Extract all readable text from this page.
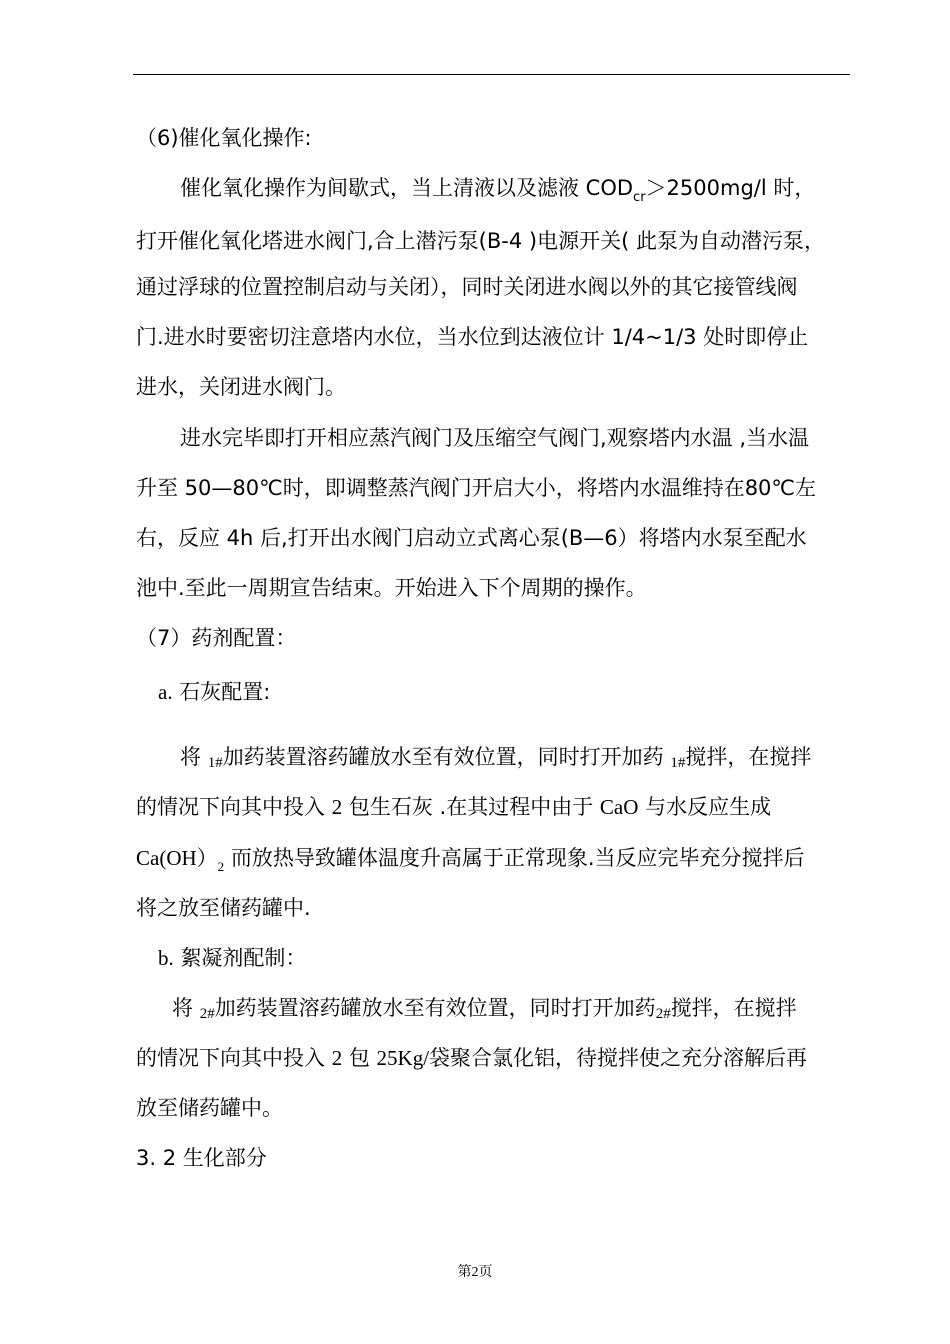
（6)催化氧化操作:
催化氧化操作为间歇式，当上清液以及滤液 $COD_{cr}>2500mg/l$ 时，
打开催化氧化塔进水阀门,合上潜污泵(B-4 )电源开关( 此泵为自动潜污泵，
通过浮球的位置控制启动与关闭），同时关闭进水阀以外的其它接管线阀
门.进水时要密切注意塔内水位，当水位到达液位计 1/4~1/3 处时即停止
进水，关闭进水阀门。
进水完毕即打开相应蒸汽阀门及压缩空气阀门,观察塔内水温 ,当水温
升至 50—80℃时，即调整蒸汽阀门开启大小，将塔内水温维持在80℃左
右，反应 4h 后,打开出水阀门启动立式离心泵(B—6）将塔内水泵至配水
池中.至此一周期宣告结束。开始进入下个周期的操作。
（7）药剂配置：
a. 石灰配置:
将 1#加药装置溶药罐放水至有效位置，同时打开加药 1#搅拌，在搅拌
的情况下向其中投入 2 包生石灰 .在其过程中由于 CaO 与水反应生成
$Ca(OH)_2$ 而放热导致罐体温度升高属于正常现象.当反应完毕充分搅拌后
将之放至储药罐中.
b. 絮凝剂配制：
将 2#加药装置溶药罐放水至有效位置，同时打开加药2#搅拌，在搅拌
的情况下向其中投入 2 包 25Kg/袋聚合氯化铝，待搅拌使之充分溶解后再
放至储药罐中。
3. 2 生化部分
第2页
